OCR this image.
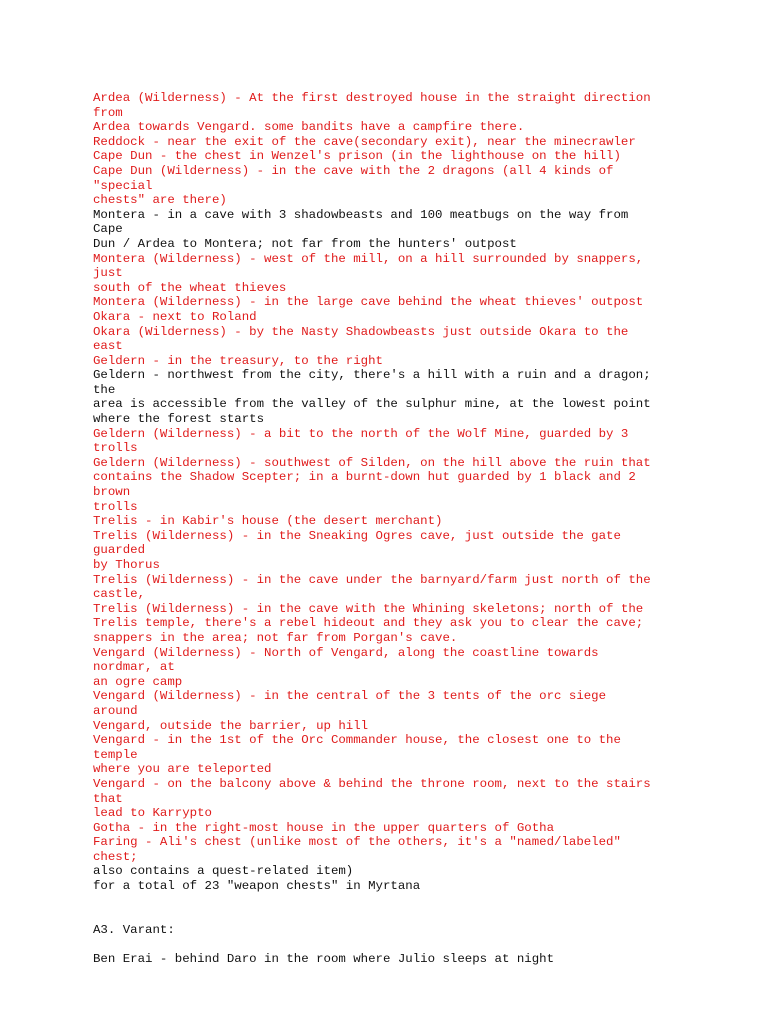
Ardea (Wilderness) - At the first destroyed house in the straight direction
from
Ardea towards Vengard. some bandits have a campfire there.
Reddock - near the exit of the cave(secondary exit), near the minecrawler
Cape Dun - the chest in Wenzel's prison (in the lighthouse on the hill)
Cape Dun (Wilderness) - in the cave with the 2 dragons (all 4 kinds of
"special
chests" are there)
Montera - in a cave with 3 shadowbeasts and 100 meatbugs on the way from
Cape
Dun / Ardea to Montera; not far from the hunters' outpost
Montera (Wilderness) - west of the mill, on a hill surrounded by snappers,
just
south of the wheat thieves
Montera (Wilderness) - in the large cave behind the wheat thieves' outpost
Okara - next to Roland
Okara (Wilderness) - by the Nasty Shadowbeasts just outside Okara to the
east
Geldern - in the treasury, to the right
Geldern - northwest from the city, there's a hill with a ruin and a dragon;
the
area is accessible from the valley of the sulphur mine, at the lowest point
where the forest starts
Geldern (Wilderness) - a bit to the north of the Wolf Mine, guarded by 3
trolls
Geldern (Wilderness) - southwest of Silden, on the hill above the ruin that
contains the Shadow Scepter; in a burnt-down hut guarded by 1 black and 2
brown
trolls
Trelis - in Kabir's house (the desert merchant)
Trelis (Wilderness) - in the Sneaking Ogres cave, just outside the gate
guarded
by Thorus
Trelis (Wilderness) - in the cave under the barnyard/farm just north of the
castle,
Trelis (Wilderness) - in the cave with the Whining skeletons; north of the
Trelis temple, there's a rebel hideout and they ask you to clear the cave;
snappers in the area; not far from Porgan's cave.
Vengard (Wilderness) - North of Vengard, along the coastline towards
nordmar, at
an ogre camp
Vengard (Wilderness) - in the central of the 3 tents of the orc siege
around
Vengard, outside the barrier, up hill
Vengard - in the 1st of the Orc Commander house, the closest one to the
temple
where you are teleported
Vengard - on the balcony above & behind the throne room, next to the stairs
that
lead to Karrypto
Gotha - in the right-most house in the upper quarters of Gotha
Faring - Ali's chest (unlike most of the others, it's a "named/labeled"
chest;
also contains a quest-related item)
for a total of 23 "weapon chests" in Myrtana
A3. Varant:
Ben Erai - behind Daro in the room where Julio sleeps at night
